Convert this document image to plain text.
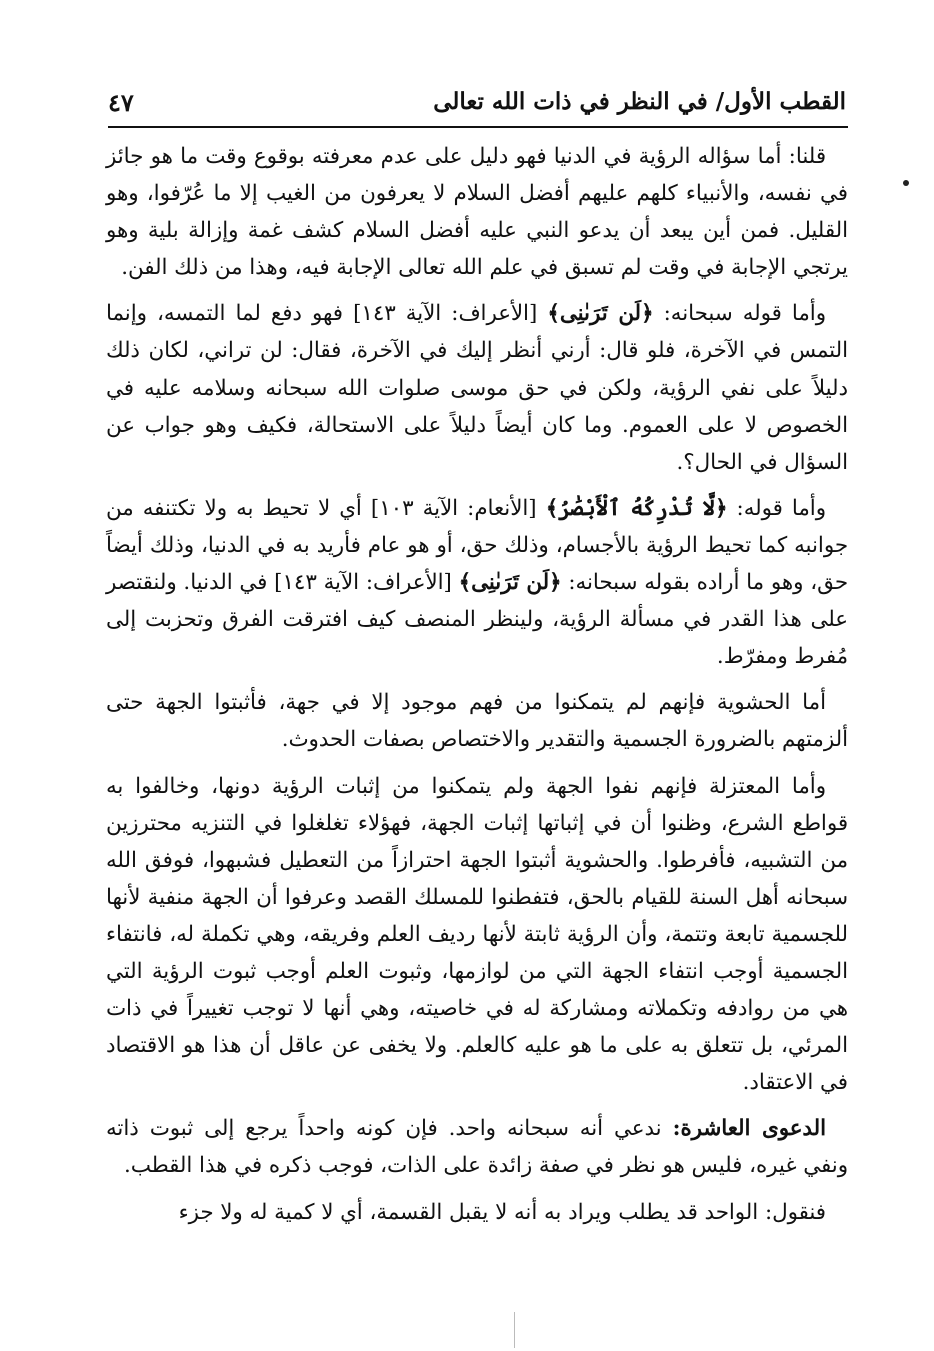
القطب الأول/ في النظر في ذات الله تعالى
٤٧

قلنا: أما سؤاله الرؤية في الدنيا فهو دليل على عدم معرفته بوقوع وقت ما هو جائز في نفسه، والأنبياء كلهم عليهم أفضل السلام لا يعرفون من الغيب إلا ما عُرّفوا، وهو القليل. فمن أين يبعد أن يدعو النبي عليه أفضل السلام كشف غمة وإزالة بلية وهو يرتجي الإجابة في وقت لم تسبق في علم الله تعالى الإجابة فيه، وهذا من ذلك الفن.

وأما قوله سبحانه: ﴿لَن تَرَىٰنِى﴾ [الأعراف: الآية ١٤٣] فهو دفع لما التمسه، وإنما التمس في الآخرة، فلو قال: أرني أنظر إليك في الآخرة، فقال: لن تراني، لكان ذلك دليلاً على نفي الرؤية، ولكن في حق موسى صلوات الله سبحانه وسلامه عليه في الخصوص لا على العموم. وما كان أيضاً دليلاً على الاستحالة، فكيف وهو جواب عن السؤال في الحال؟.

وأما قوله: ﴿لَّا تُدْرِكُهُ ٱلْأَبْصَٰرُ﴾ [الأنعام: الآية ١٠٣] أي لا تحيط به ولا تكتنفه من جوانبه كما تحيط الرؤية بالأجسام، وذلك حق، أو هو عام فأريد به في الدنيا، وذلك أيضاً حق، وهو ما أراده بقوله سبحانه: ﴿لَن تَرَىٰنِى﴾ [الأعراف: الآية ١٤٣] في الدنيا. ولنقتصر على هذا القدر في مسألة الرؤية، ولينظر المنصف كيف افترقت الفرق وتحزبت إلى مُفرط ومفرّط.

أما الحشوية فإنهم لم يتمكنوا من فهم موجود إلا في جهة، فأثبتوا الجهة حتى ألزمتهم بالضرورة الجسمية والتقدير والاختصاص بصفات الحدوث.

وأما المعتزلة فإنهم نفوا الجهة ولم يتمكنوا من إثبات الرؤية دونها، وخالفوا به قواطع الشرع، وظنوا أن في إثباتها إثبات الجهة، فهؤلاء تغلغلوا في التنزيه محترزين من التشبيه، فأفرطوا. والحشوية أثبتوا الجهة احترازاً من التعطيل فشبهوا، فوفق الله سبحانه أهل السنة للقيام بالحق، فتفطنوا للمسلك القصد وعرفوا أن الجهة منفية لأنها للجسمية تابعة وتتمة، وأن الرؤية ثابتة لأنها رديف العلم وفريقه، وهي تكملة له، فانتفاء الجسمية أوجب انتفاء الجهة التي من لوازمها، وثبوت العلم أوجب ثبوت الرؤية التي هي من روادفه وتكملاته ومشاركة له في خاصيته، وهي أنها لا توجب تغييراً في ذات المرئي، بل تتعلق به على ما هو عليه كالعلم. ولا يخفى عن عاقل أن هذا هو الاقتصاد في الاعتقاد.

الدعوى العاشرة: ندعي أنه سبحانه واحد. فإن كونه واحداً يرجع إلى ثبوت ذاته ونفي غيره، فليس هو نظر في صفة زائدة على الذات، فوجب ذكره في هذا القطب.

فنقول: الواحد قد يطلب ويراد به أنه لا يقبل القسمة، أي لا كمية له ولا جزء
